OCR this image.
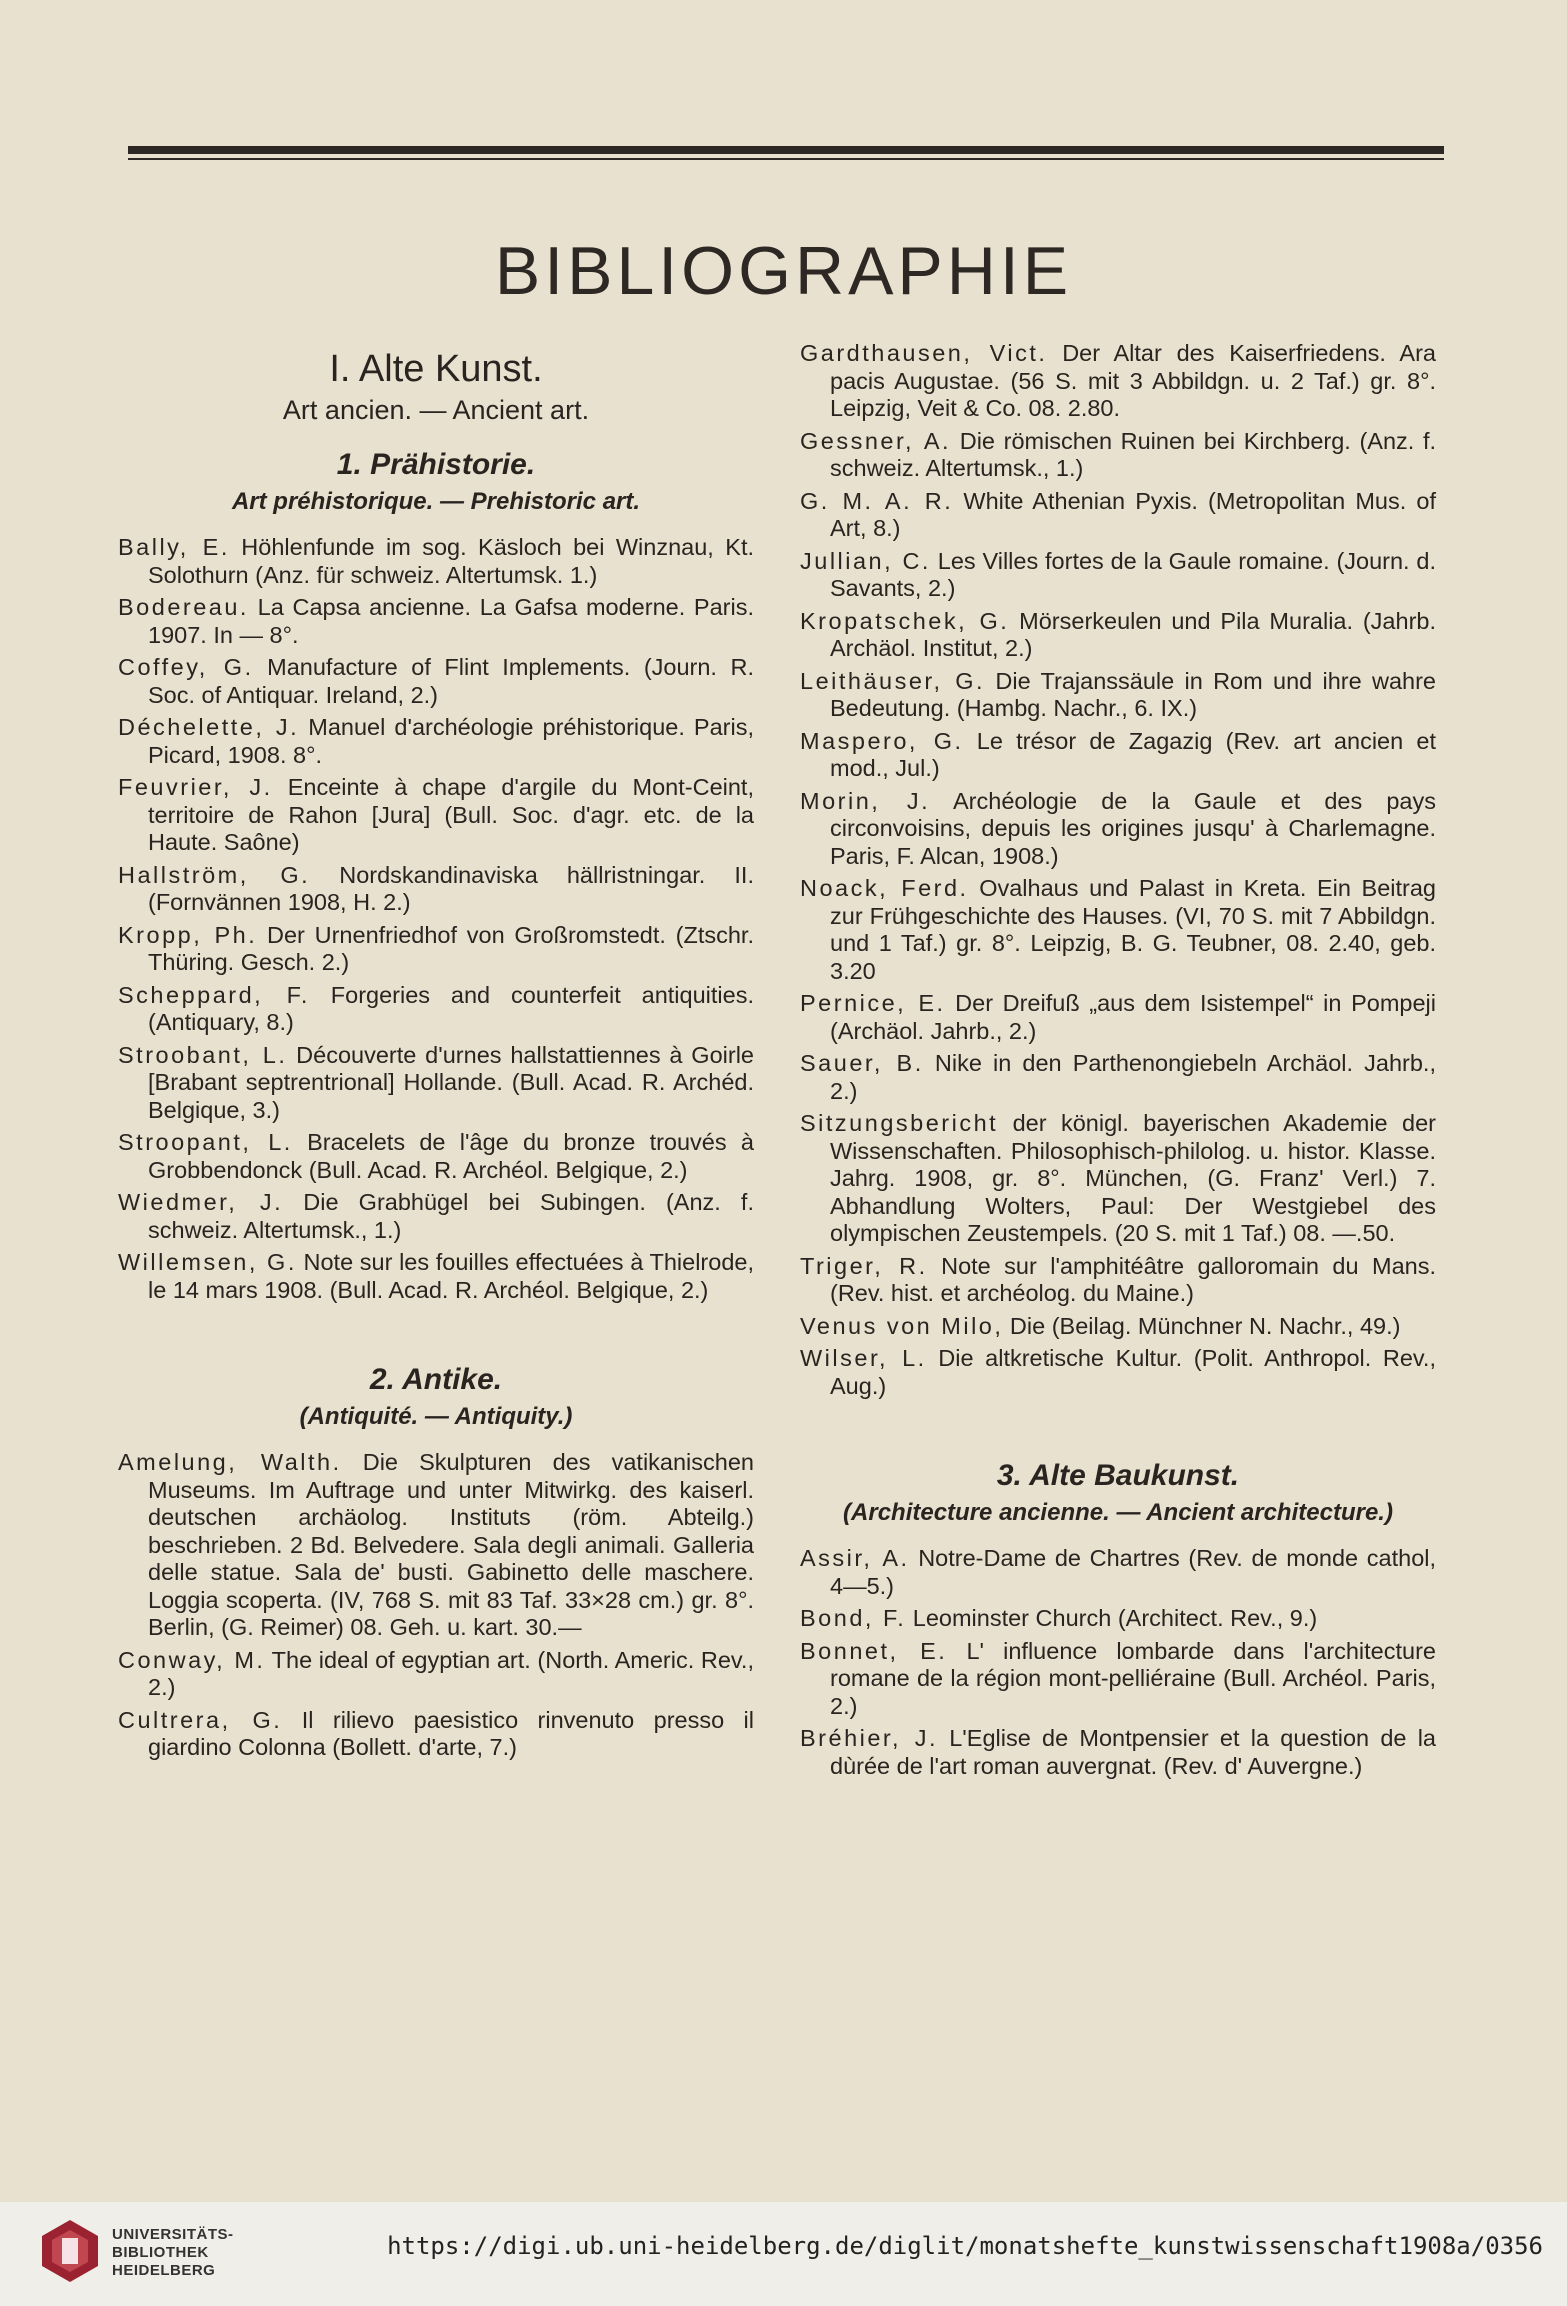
BIBLIOGRAPHIE
I. Alte Kunst.
Art ancien. — Ancient art.
1. Prähistorie.
Art préhistorique. — Prehistoric art.

Bally, E. Höhlenfunde im sog. Käsloch bei Winznau, Kt. Solothurn (Anz. für schweiz. Altertumsk. 1.)

Bodereau. La Capsa ancienne. La Gafsa moderne. Paris. 1907. In — 8°.

Coffey, G. Manufacture of Flint Implements. (Journ. R. Soc. of Antiquar. Ireland, 2.)

Déchelette, J. Manuel d'archéologie préhistorique. Paris, Picard, 1908. 8°.

Feuvrier, J. Enceinte à chape d'argile du Mont-Ceint, territoire de Rahon [Jura] (Bull. Soc. d'agr. etc. de la Haute. Saône)

Hallström, G. Nordskandinaviska hällristningar. II. (Fornvännen 1908, H. 2.)

Kropp, Ph. Der Urnenfriedhof von Großromstedt. (Ztschr. Thüring. Gesch. 2.)

Scheppard, F. Forgeries and counterfeit antiquities. (Antiquary, 8.)

Stroobant, L. Découverte d'urnes hallstattiennes à Goirle [Brabant septrentrional] Hollande. (Bull. Acad. R. Archéd. Belgique, 3.)

Stroopant, L. Bracelets de l'âge du bronze trouvés à Grobbendonck (Bull. Acad. R. Archéol. Belgique, 2.)

Wiedmer, J. Die Grabhügel bei Subingen. (Anz. f. schweiz. Altertumsk., 1.)

Willemsen, G. Note sur les fouilles effectuées à Thielrode, le 14 mars 1908. (Bull. Acad. R. Archéol. Belgique, 2.)

2. Antike.
(Antiquité. — Antiquity.)

Amelung, Walth. Die Skulpturen des vatikanischen Museums. Im Auftrage und unter Mitwirkg. des kaiserl. deutschen archäolog. Instituts (röm. Abteilg.) beschrieben. 2 Bd. Belvedere. Sala degli animali. Galleria delle statue. Sala de' busti. Gabinetto delle maschere. Loggia scoperta. (IV, 768 S. mit 83 Taf. 33×28 cm.) gr. 8°. Berlin, (G. Reimer) 08. Geh. u. kart. 30.—

Conway, M. The ideal of egyptian art. (North. Americ. Rev., 2.)

Cultrera, G. Il rilievo paesistico rinvenuto presso il giardino Colonna (Bollett. d'arte, 7.)

Gardthausen, Vict. Der Altar des Kaiserfriedens. Ara pacis Augustae. (56 S. mit 3 Abbildgn. u. 2 Taf.) gr. 8°. Leipzig, Veit & Co. 08. 2.80.

Gessner, A. Die römischen Ruinen bei Kirchberg. (Anz. f. schweiz. Altertumsk., 1.)

G. M. A. R. White Athenian Pyxis. (Metropolitan Mus. of Art, 8.)

Jullian, C. Les Villes fortes de la Gaule romaine. (Journ. d. Savants, 2.)

Kropatschek, G. Mörserkeulen und Pila Muralia. (Jahrb. Archäol. Institut, 2.)

Leithäuser, G. Die Trajanssäule in Rom und ihre wahre Bedeutung. (Hambg. Nachr., 6. IX.)

Maspero, G. Le trésor de Zagazig (Rev. art ancien et mod., Jul.)

Morin, J. Archéologie de la Gaule et des pays circonvoisins, depuis les origines jusqu' à Charlemagne. Paris, F. Alcan, 1908.)

Noack, Ferd. Ovalhaus und Palast in Kreta. Ein Beitrag zur Frühgeschichte des Hauses. (VI, 70 S. mit 7 Abbildgn. und 1 Taf.) gr. 8°. Leipzig, B. G. Teubner, 08. 2.40, geb. 3.20

Pernice, E. Der Dreifuß „aus dem Isistempel“ in Pompeji (Archäol. Jahrb., 2.)

Sauer, B. Nike in den Parthenongiebeln Archäol. Jahrb., 2.)

Sitzungsbericht der königl. bayerischen Akademie der Wissenschaften. Philosophisch-philolog. u. histor. Klasse. Jahrg. 1908, gr. 8°. München, (G. Franz' Verl.) 7. Abhandlung Wolters, Paul: Der Westgiebel des olympischen Zeustempels. (20 S. mit 1 Taf.) 08. —.50.

Triger, R. Note sur l'amphitéâtre galloromain du Mans. (Rev. hist. et archéolog. du Maine.)

Venus von Milo, Die (Beilag. Münchner N. Nachr., 49.)

Wilser, L. Die altkretische Kultur. (Polit. Anthropol. Rev., Aug.)

3. Alte Baukunst.
(Architecture ancienne. — Ancient architecture.)

Assir, A. Notre-Dame de Chartres (Rev. de monde cathol, 4—5.)

Bond, F. Leominster Church (Architect. Rev., 9.)

Bonnet, E. L' influence lombarde dans l'architecture romane de la région mont-pelliéraine (Bull. Archéol. Paris, 2.)

Bréhier, J. L'Eglise de Montpensier et la question de la dùrée de l'art roman auvergnat. (Rev. d' Auvergne.)

UNIVERSITÄTS-
BIBLIOTHEK
HEIDELBERG
https://digi.ub.uni-heidelberg.de/diglit/monatshefte_kunstwissenschaft1908a/0356
